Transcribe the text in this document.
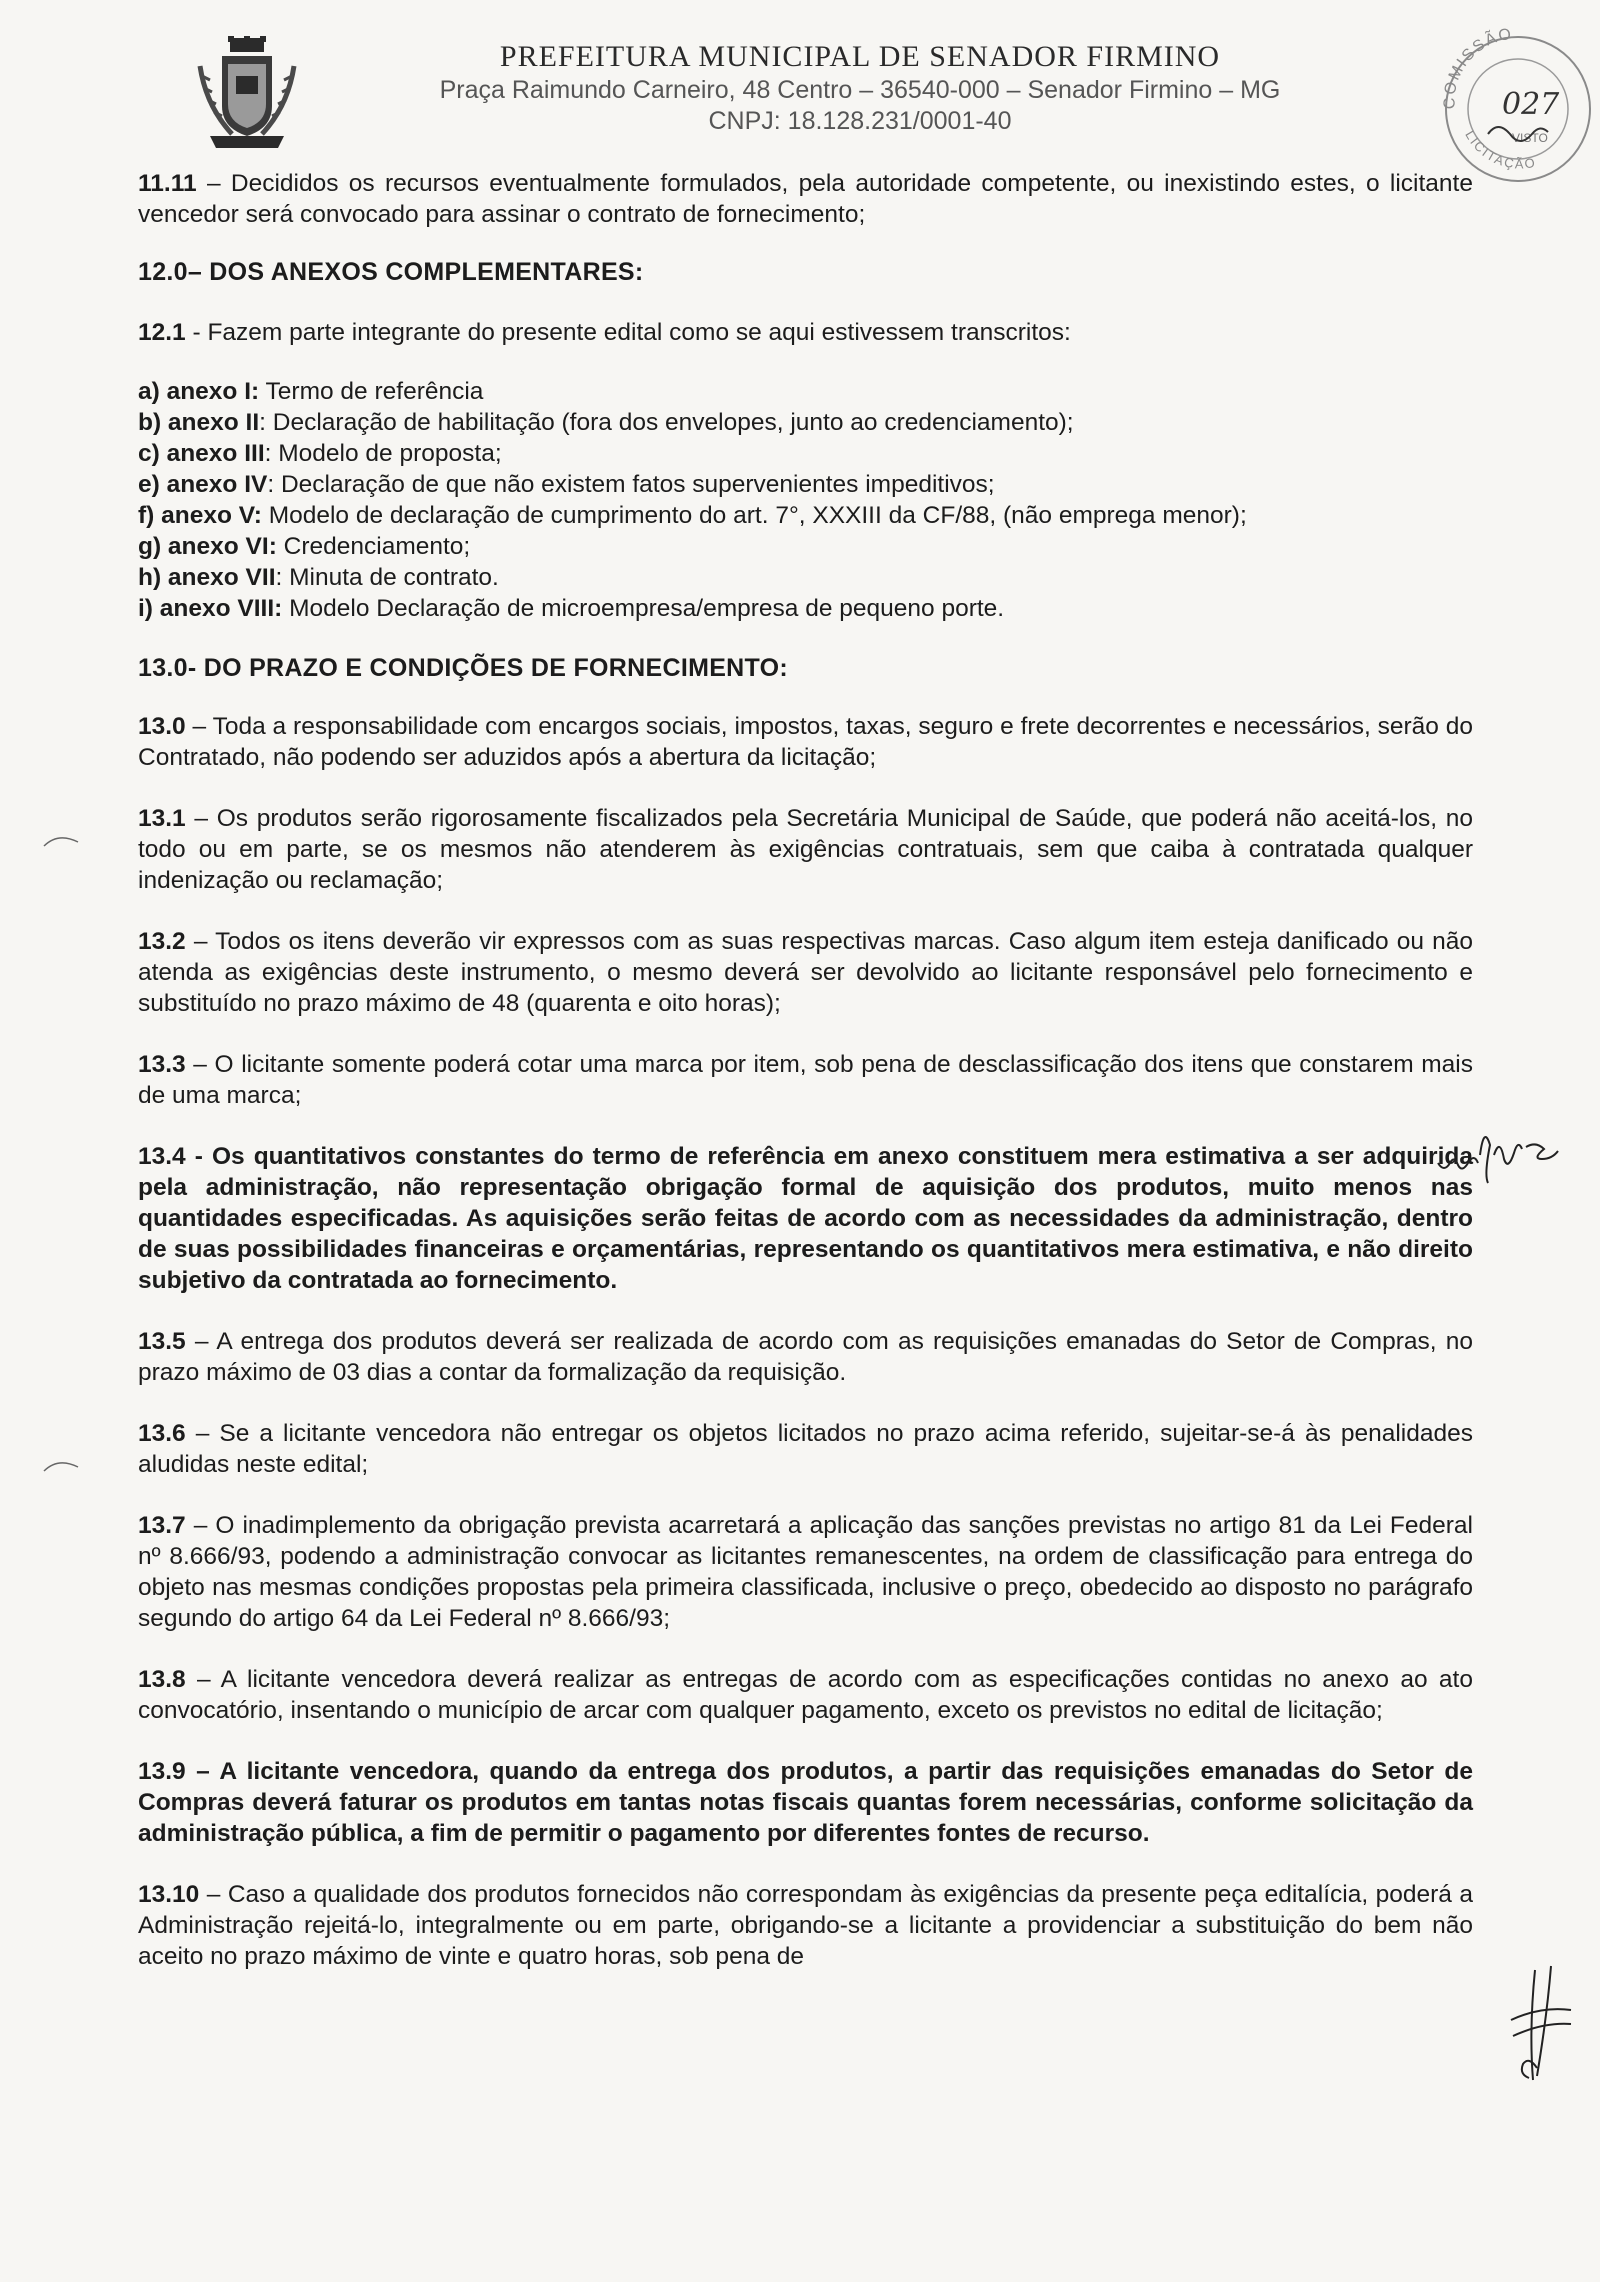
PREFEITURA MUNICIPAL DE SENADOR FIRMINO

Praça Raimundo Carneiro, 48 Centro – 36540-000 – Senador Firmino – MG
CNPJ: 18.128.231/0001-40
COMISSÃO
LICITAÇÃO
027
VISTO

11.11 – Decididos os recursos eventualmente formulados, pela autoridade competente, ou inexistindo estes, o licitante vencedor será convocado para assinar o contrato de fornecimento;

12.0– DOS ANEXOS COMPLEMENTARES:

12.1 - Fazem parte integrante do presente edital como se aqui estivessem transcritos:

a) anexo I: Termo de referência
b) anexo II: Declaração de habilitação (fora dos envelopes, junto ao credenciamento);
c) anexo III: Modelo de proposta;
e) anexo IV: Declaração de que não existem fatos supervenientes impeditivos;
f) anexo V: Modelo de declaração de cumprimento do art. 7°, XXXIII da CF/88, (não emprega menor);
g) anexo VI: Credenciamento;
h) anexo VII: Minuta de contrato.
i) anexo VIII: Modelo Declaração de microempresa/empresa de pequeno porte.

13.0- DO PRAZO E CONDIÇÕES DE FORNECIMENTO:

13.0 – Toda a responsabilidade com encargos sociais, impostos, taxas, seguro e frete decorrentes e necessários, serão do Contratado, não podendo ser aduzidos após a abertura da licitação;

13.1 – Os produtos serão rigorosamente fiscalizados pela Secretária Municipal de Saúde, que poderá não aceitá-los, no todo ou em parte, se os mesmos não atenderem às exigências contratuais, sem que caiba à contratada qualquer indenização ou reclamação;

13.2 – Todos os itens deverão vir expressos com as suas respectivas marcas. Caso algum item esteja danificado ou não atenda as exigências deste instrumento, o mesmo deverá ser devolvido ao licitante responsável pelo fornecimento e substituído no prazo máximo de 48 (quarenta e oito horas);

13.3 – O licitante somente poderá cotar uma marca por item, sob pena de desclassificação dos itens que constarem mais de uma marca;

13.4 - Os quantitativos constantes do termo de referência em anexo constituem mera estimativa a ser adquirida pela administração, não representação obrigação formal de aquisição dos produtos, muito menos nas quantidades especificadas. As aquisições serão feitas de acordo com as necessidades da administração, dentro de suas possibilidades financeiras e orçamentárias, representando os quantitativos mera estimativa, e não direito subjetivo da contratada ao fornecimento.

13.5 – A entrega dos produtos deverá ser realizada de acordo com as requisições emanadas do Setor de Compras, no prazo máximo de 03 dias a contar da formalização da requisição.

13.6 – Se a licitante vencedora não entregar os objetos licitados no prazo acima referido, sujeitar-se-á às penalidades aludidas neste edital;

13.7 – O inadimplemento da obrigação prevista acarretará a aplicação das sanções previstas no artigo 81 da Lei Federal nº 8.666/93, podendo a administração convocar as licitantes remanescentes, na ordem de classificação para entrega do objeto nas mesmas condições propostas pela primeira classificada, inclusive o preço, obedecido ao disposto no parágrafo segundo do artigo 64 da Lei Federal nº 8.666/93;

13.8 – A licitante vencedora deverá realizar as entregas de acordo com as especificações contidas no anexo ao ato convocatório, insentando o município de arcar com qualquer pagamento, exceto os previstos no edital de licitação;

13.9 – A licitante vencedora, quando da entrega dos produtos, a partir das requisições emanadas do Setor de Compras deverá faturar os produtos em tantas notas fiscais quantas forem necessárias, conforme solicitação da administração pública, a fim de permitir o pagamento por diferentes fontes de recurso.

13.10 – Caso a qualidade dos produtos fornecidos não correspondam às exigências da presente peça editalícia, poderá a Administração rejeitá-lo, integralmente ou em parte, obrigando-se a licitante a providenciar a substituição do bem não aceito no prazo máximo de vinte e quatro horas, sob pena de
